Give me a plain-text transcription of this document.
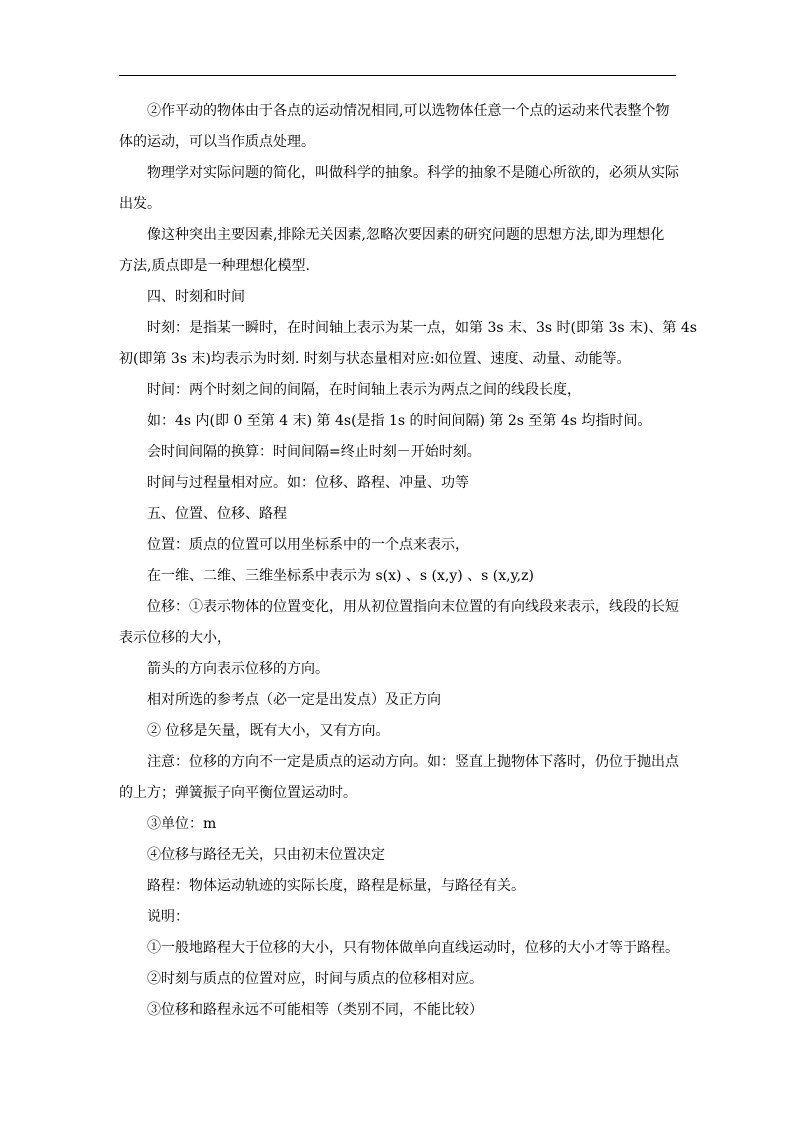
②作平动的物体由于各点的运动情况相同,可以选物体任意一个点的运动来代表整个物
体的运动，可以当作质点处理。
物理学对实际问题的简化，叫做科学的抽象。科学的抽象不是随心所欲的，必须从实际
出发。
像这种突出主要因素,排除无关因素,忽略次要因素的研究问题的思想方法,即为理想化
方法,质点即是一种理想化模型.
四、时刻和时间
时刻：是指某一瞬时，在时间轴上表示为某一点，如第 3s 末、3s 时(即第 3s 末)、第 4s
初(即第 3s 末)均表示为时刻. 时刻与状态量相对应:如位置、速度、动量、动能等。
时间：两个时刻之间的间隔，在时间轴上表示为两点之间的线段长度，
如：4s 内(即 0 至第 4 末) 第 4s(是指 1s 的时间间隔) 第 2s 至第 4s 均指时间。
会时间间隔的换算：时间间隔=终止时刻－开始时刻。
时间与过程量相对应。如：位移、路程、冲量、功等
五、位置、位移、路程
位置：质点的位置可以用坐标系中的一个点来表示，
在一维、二维、三维坐标系中表示为 s(x) 、s (x,y) 、s (x,y,z)
位移：①表示物体的位置变化，用从初位置指向末位置的有向线段来表示，线段的长短
表示位移的大小，
箭头的方向表示位移的方向。
相对所选的参考点（必一定是出发点）及正方向
② 位移是矢量，既有大小，又有方向。
注意：位移的方向不一定是质点的运动方向。如：竖直上抛物体下落时，仍位于抛出点
的上方；弹簧振子向平衡位置运动时。
③单位：m
④位移与路径无关，只由初末位置决定
路程：物体运动轨迹的实际长度，路程是标量，与路径有关。
说明：
①一般地路程大于位移的大小，只有物体做单向直线运动时，位移的大小才等于路程。
②时刻与质点的位置对应，时间与质点的位移相对应。
③位移和路程永远不可能相等（类别不同，不能比较）
